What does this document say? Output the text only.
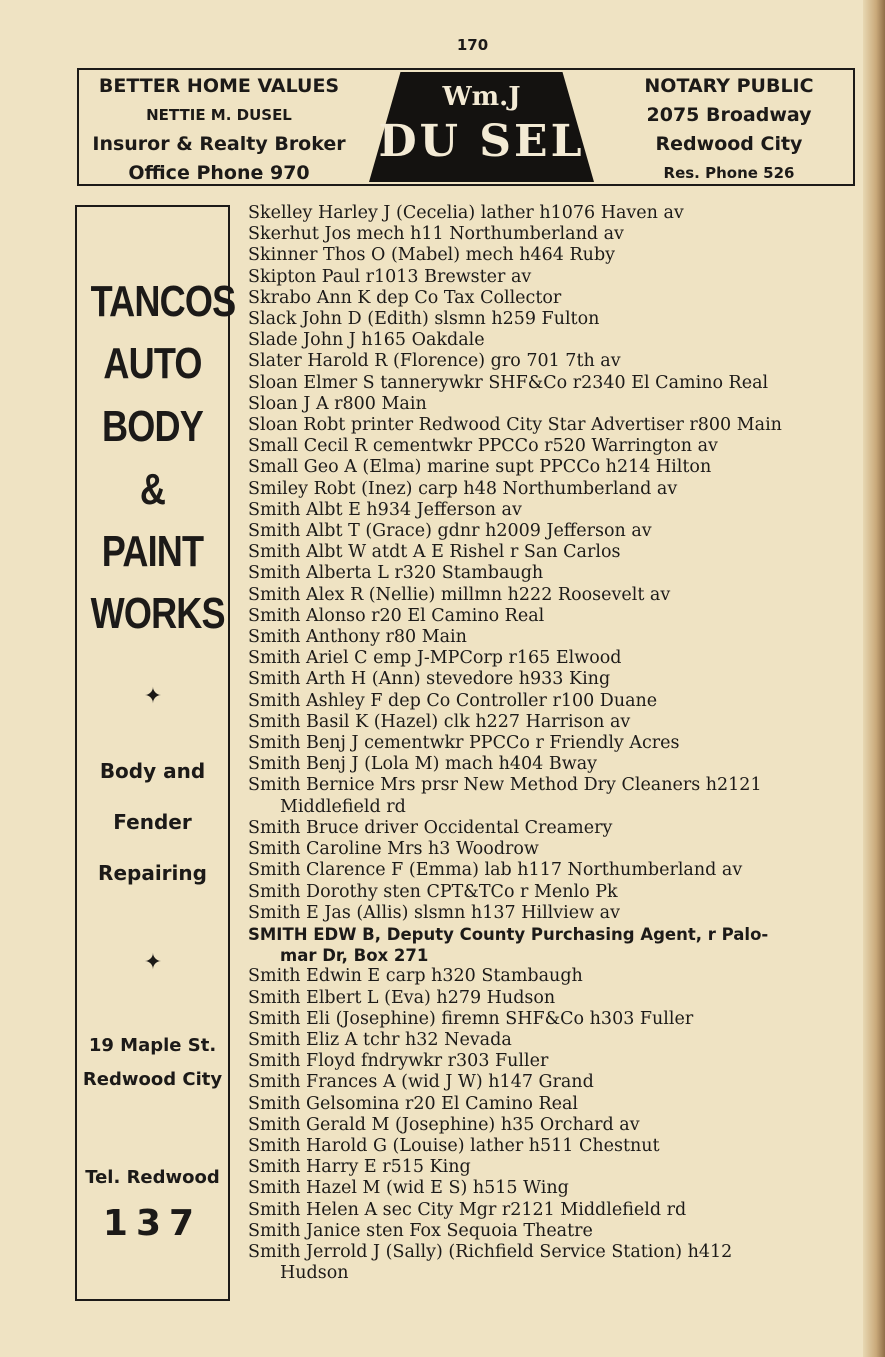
170
BETTER HOME VALUES
NETTIE M. DUSEL
Insuror & Realty Broker
Office Phone 970
Wm.J
DU SEL
NOTARY PUBLIC
2075 Broadway
Redwood City
Res. Phone 526
TANCOS
AUTO
BODY
&
PAINT
WORKS
✦
Body and
Fender
Repairing
✦
19 Maple St.
Redwood City
Tel. Redwood
137
Skelley Harley J (Cecelia) lather h1076 Haven av
Skerhut Jos mech h11 Northumberland av
Skinner Thos O (Mabel) mech h464 Ruby
Skipton Paul r1013 Brewster av
Skrabo Ann K dep Co Tax Collector
Slack John D (Edith) slsmn h259 Fulton
Slade John J h165 Oakdale
Slater Harold R (Florence) gro 701 7th av
Sloan Elmer S tannerywkr SHF&Co r2340 El Camino Real
Sloan J A r800 Main
Sloan Robt printer Redwood City Star Advertiser r800 Main
Small Cecil R cementwkr PPCCo r520 Warrington av
Small Geo A (Elma) marine supt PPCCo h214 Hilton
Smiley Robt (Inez) carp h48 Northumberland av
Smith Albt E h934 Jefferson av
Smith Albt T (Grace) gdnr h2009 Jefferson av
Smith Albt W atdt A E Rishel r San Carlos
Smith Alberta L r320 Stambaugh
Smith Alex R (Nellie) millmn h222 Roosevelt av
Smith Alonso r20 El Camino Real
Smith Anthony r80 Main
Smith Ariel C emp J-MPCorp r165 Elwood
Smith Arth H (Ann) stevedore h933 King
Smith Ashley F dep Co Controller r100 Duane
Smith Basil K (Hazel) clk h227 Harrison av
Smith Benj J cementwkr PPCCo r Friendly Acres
Smith Benj J (Lola M) mach h404 Bway
Smith Bernice Mrs prsr New Method Dry Cleaners h2121
Middlefield rd
Smith Bruce driver Occidental Creamery
Smith Caroline Mrs h3 Woodrow
Smith Clarence F (Emma) lab h117 Northumberland av
Smith Dorothy sten CPT&TCo r Menlo Pk
Smith E Jas (Allis) slsmn h137 Hillview av
SMITH EDW B, Deputy County Purchasing Agent, r Palo-
mar Dr, Box 271
Smith Edwin E carp h320 Stambaugh
Smith Elbert L (Eva) h279 Hudson
Smith Eli (Josephine) firemn SHF&Co h303 Fuller
Smith Eliz A tchr h32 Nevada
Smith Floyd fndrywkr r303 Fuller
Smith Frances A (wid J W) h147 Grand
Smith Gelsomina r20 El Camino Real
Smith Gerald M (Josephine) h35 Orchard av
Smith Harold G (Louise) lather h511 Chestnut
Smith Harry E r515 King
Smith Hazel M (wid E S) h515 Wing
Smith Helen A sec City Mgr r2121 Middlefield rd
Smith Janice sten Fox Sequoia Theatre
Smith Jerrold J (Sally) (Richfield Service Station) h412
Hudson
